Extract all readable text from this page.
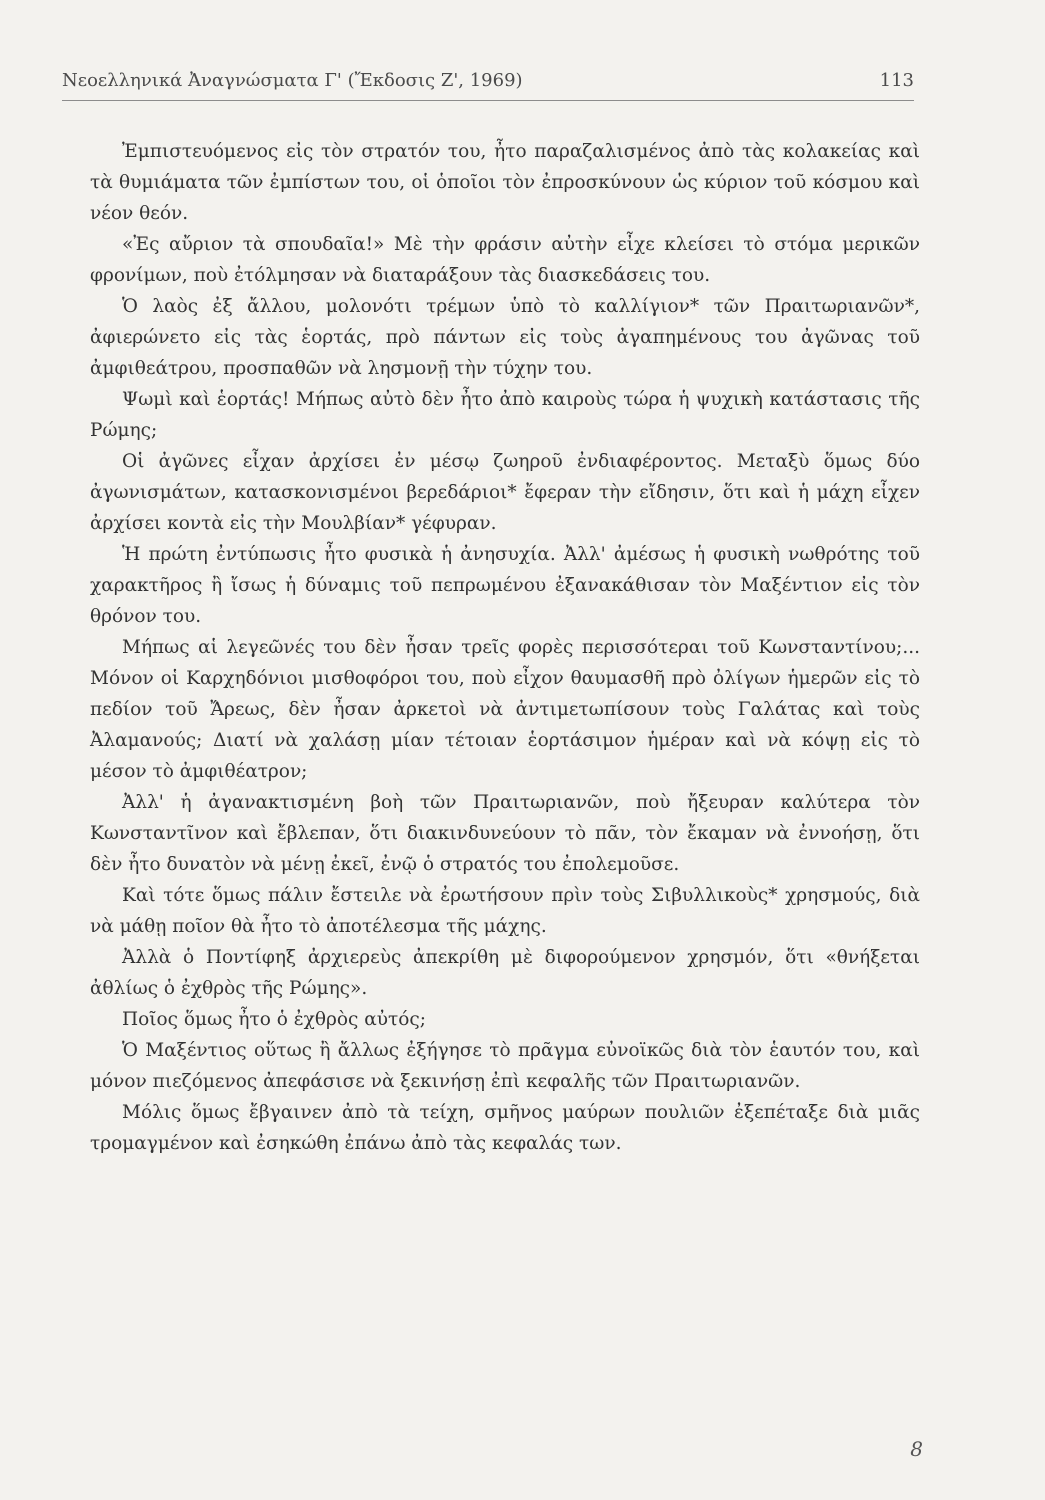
Νεοελληνικά Ἀναγνώσματα Γ' (Ἔκδοσις Ζ', 1969)	113

Ἐμπιστευόμενος εἰς τὸν στρατόν του, ἦτο παραζαλισμένος ἀπὸ τὰς κολακείας καὶ τὰ θυμιάματα τῶν ἐμπίστων του, οἱ ὁποῖοι τὸν ἐπροσκύνουν ὡς κύριον τοῦ κόσμου καὶ νέον θεόν.

«Ἐς αὔριον τὰ σπουδαῖα!» Μὲ τὴν φράσιν αὐτὴν εἶχε κλείσει τὸ στόμα μερικῶν φρονίμων, ποὺ ἐτόλμησαν νὰ διαταράξουν τὰς διασκεδάσεις του.

Ὁ λαὸς ἐξ ἄλλου, μολονότι τρέμων ὑπὸ τὸ καλλίγιον* τῶν Πραιτωριανῶν*, ἀφιερώνετο εἰς τὰς ἑορτάς, πρὸ πάντων εἰς τοὺς ἀγαπημένους του ἀγῶνας τοῦ ἀμφιθεάτρου, προσπαθῶν νὰ λησμονῇ τὴν τύχην του.

Ψωμὶ καὶ ἑορτάς! Μήπως αὐτὸ δὲν ἦτο ἀπὸ καιροὺς τώρα ἡ ψυχικὴ κατάστασις τῆς Ρώμης;

Οἱ ἀγῶνες εἶχαν ἀρχίσει ἐν μέσῳ ζωηροῦ ἐνδιαφέροντος. Μεταξὺ ὅμως δύο ἀγωνισμάτων, κατασκονισμένοι βερεδάριοι* ἔφεραν τὴν εἴδησιν, ὅτι καὶ ἡ μάχη εἶχεν ἀρχίσει κοντὰ εἰς τὴν Μουλβίαν* γέφυραν.

Ἡ πρώτη ἐντύπωσις ἦτο φυσικὰ ἡ ἀνησυχία. Ἀλλ' ἀμέσως ἡ φυσικὴ νωθρότης τοῦ χαρακτῆρος ἢ ἴσως ἡ δύναμις τοῦ πεπρωμένου ἐξανακάθισαν τὸν Μαξέντιον εἰς τὸν θρόνον του.

Μήπως αἱ λεγεῶνές του δὲν ἦσαν τρεῖς φορὲς περισσότεραι τοῦ Κωνσταντίνου;... Μόνον οἱ Καρχηδόνιοι μισθοφόροι του, ποὺ εἶχον θαυμασθῆ πρὸ ὀλίγων ἡμερῶν εἰς τὸ πεδίον τοῦ Ἄρεως, δὲν ἦσαν ἀρκετοὶ νὰ ἀντιμετωπίσουν τοὺς Γαλάτας καὶ τοὺς Ἀλαμανούς; Διατί νὰ χαλάσῃ μίαν τέτοιαν ἑορτάσιμον ἡμέραν καὶ νὰ κόψῃ εἰς τὸ μέσον τὸ ἀμφιθέατρον;

Ἀλλ' ἡ ἀγανακτισμένη βοὴ τῶν Πραιτωριανῶν, ποὺ ἤξευραν καλύτερα τὸν Κωνσταντῖνον καὶ ἔβλεπαν, ὅτι διακινδυνεύουν τὸ πᾶν, τὸν ἔκαμαν νὰ ἐννοήσῃ, ὅτι δὲν ἦτο δυνατὸν νὰ μένῃ ἐκεῖ, ἐνῷ ὁ στρατός του ἐπολεμοῦσε.

Καὶ τότε ὅμως πάλιν ἔστειλε νὰ ἐρωτήσουν πρὶν τοὺς Σιβυλλικοὺς* χρησμούς, διὰ νὰ μάθῃ ποῖον θὰ ἦτο τὸ ἀποτέλεσμα τῆς μάχης.

Ἀλλὰ ὁ Ποντίφηξ ἀρχιερεὺς ἀπεκρίθη μὲ διφορούμενον χρησμόν, ὅτι «θνήξεται ἀθλίως ὁ ἐχθρὸς τῆς Ρώμης».

Ποῖος ὅμως ἦτο ὁ ἐχθρὸς αὐτός;

Ὁ Μαξέντιος οὕτως ἢ ἄλλως ἐξήγησε τὸ πρᾶγμα εὐνοϊκῶς διὰ τὸν ἑαυτόν του, καὶ μόνον πιεζόμενος ἀπεφάσισε νὰ ξεκινήσῃ ἐπὶ κεφαλῆς τῶν Πραιτωριανῶν.

Μόλις ὅμως ἔβγαινεν ἀπὸ τὰ τείχη, σμῆνος μαύρων πουλιῶν ἐξεπέταξε διὰ μιᾶς τρομαγμένον καὶ ἐσηκώθη ἐπάνω ἀπὸ τὰς κεφαλάς των.

8
